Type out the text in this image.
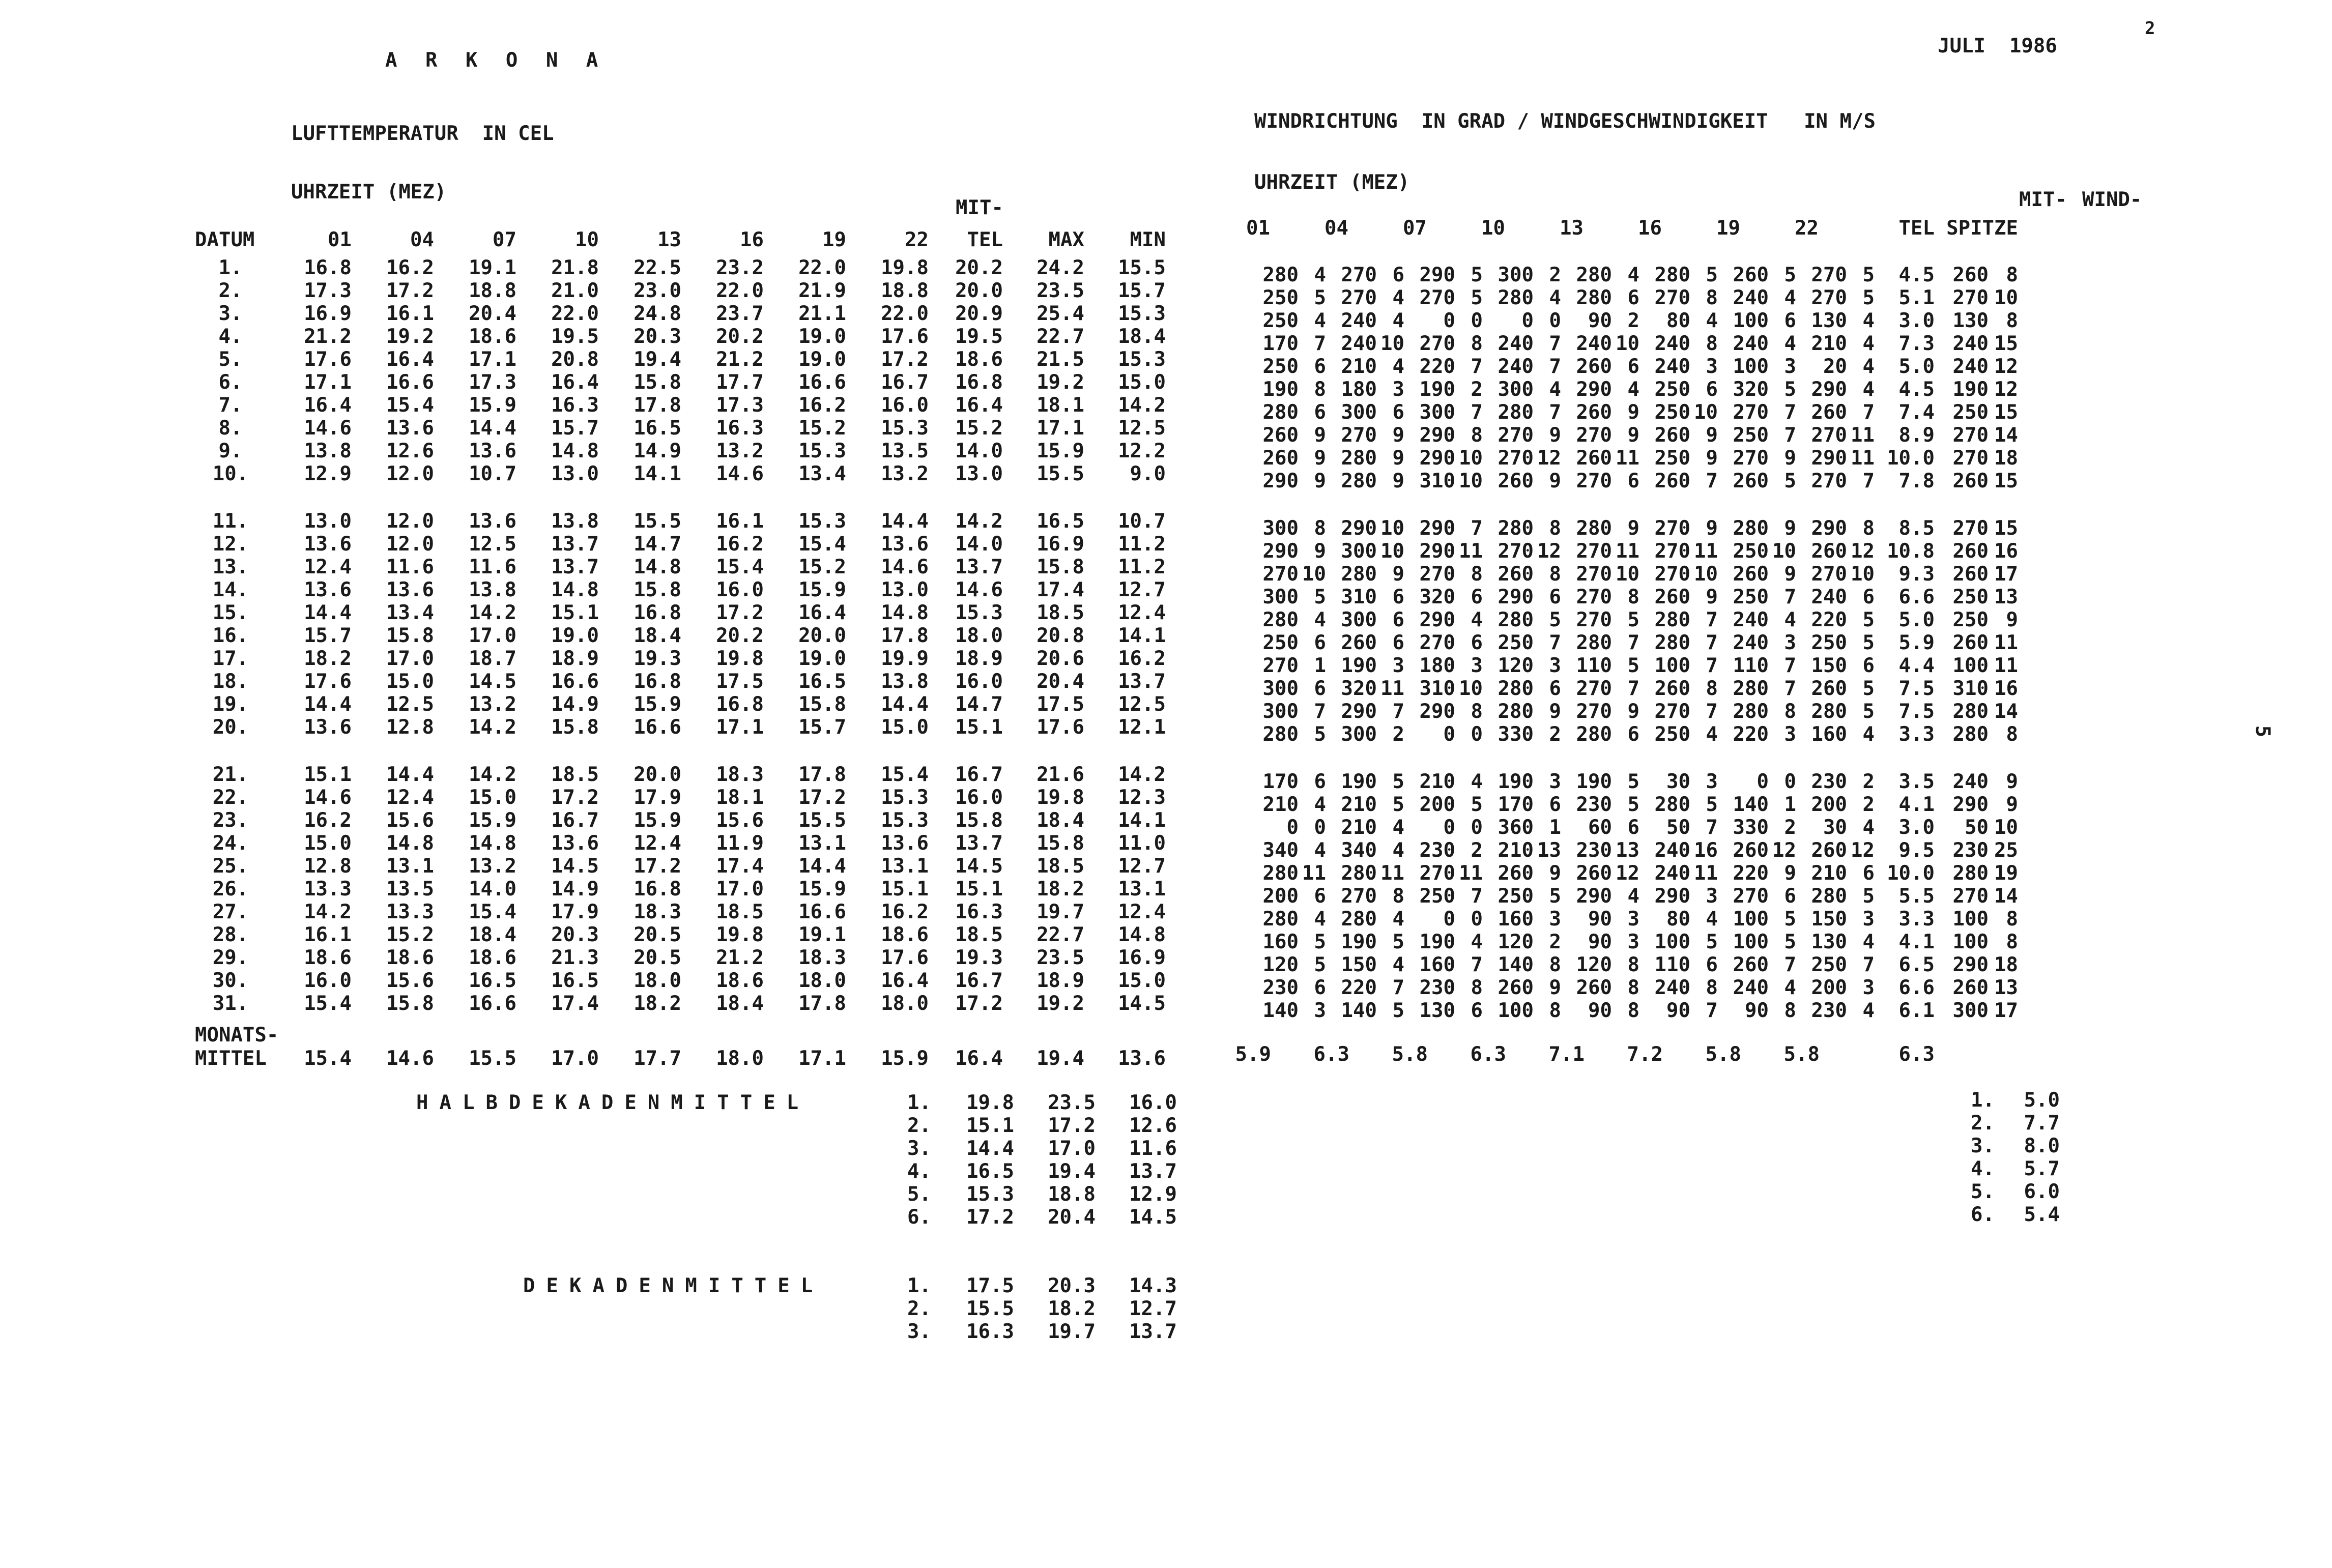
A R K O N A
JULI  1986
2
5
LUFTTEMPERATUR  IN CEL
UHRZEIT (MEZ)
MIT-
DATUM	01	04	07	10	13	16	19	22	TEL	MAX	MIN
1.	16.8	16.2	19.1	21.8	22.5	23.2	22.0	19.8	20.2	24.2	15.5
2.	17.3	17.2	18.8	21.0	23.0	22.0	21.9	18.8	20.0	23.5	15.7
3.	16.9	16.1	20.4	22.0	24.8	23.7	21.1	22.0	20.9	25.4	15.3
4.	21.2	19.2	18.6	19.5	20.3	20.2	19.0	17.6	19.5	22.7	18.4
5.	17.6	16.4	17.1	20.8	19.4	21.2	19.0	17.2	18.6	21.5	15.3
6.	17.1	16.6	17.3	16.4	15.8	17.7	16.6	16.7	16.8	19.2	15.0
7.	16.4	15.4	15.9	16.3	17.8	17.3	16.2	16.0	16.4	18.1	14.2
8.	14.6	13.6	14.4	15.7	16.5	16.3	15.2	15.3	15.2	17.1	12.5
9.	13.8	12.6	13.6	14.8	14.9	13.2	15.3	13.5	14.0	15.9	12.2
10.	12.9	12.0	10.7	13.0	14.1	14.6	13.4	13.2	13.0	15.5	9.0

11.	13.0	12.0	13.6	13.8	15.5	16.1	15.3	14.4	14.2	16.5	10.7
12.	13.6	12.0	12.5	13.7	14.7	16.2	15.4	13.6	14.0	16.9	11.2
13.	12.4	11.6	11.6	13.7	14.8	15.4	15.2	14.6	13.7	15.8	11.2
14.	13.6	13.6	13.8	14.8	15.8	16.0	15.9	13.0	14.6	17.4	12.7
15.	14.4	13.4	14.2	15.1	16.8	17.2	16.4	14.8	15.3	18.5	12.4
16.	15.7	15.8	17.0	19.0	18.4	20.2	20.0	17.8	18.0	20.8	14.1
17.	18.2	17.0	18.7	18.9	19.3	19.8	19.0	19.9	18.9	20.6	16.2
18.	17.6	15.0	14.5	16.6	16.8	17.5	16.5	13.8	16.0	20.4	13.7
19.	14.4	12.5	13.2	14.9	15.9	16.8	15.8	14.4	14.7	17.5	12.5
20.	13.6	12.8	14.2	15.8	16.6	17.1	15.7	15.0	15.1	17.6	12.1

21.	15.1	14.4	14.2	18.5	20.0	18.3	17.8	15.4	16.7	21.6	14.2
22.	14.6	12.4	15.0	17.2	17.9	18.1	17.2	15.3	16.0	19.8	12.3
23.	16.2	15.6	15.9	16.7	15.9	15.6	15.5	15.3	15.8	18.4	14.1
24.	15.0	14.8	14.8	13.6	12.4	11.9	13.1	13.6	13.7	15.8	11.0
25.	12.8	13.1	13.2	14.5	17.2	17.4	14.4	13.1	14.5	18.5	12.7
26.	13.3	13.5	14.0	14.9	16.8	17.0	15.9	15.1	15.1	18.2	13.1
27.	14.2	13.3	15.4	17.9	18.3	18.5	16.6	16.2	16.3	19.7	12.4
28.	16.1	15.2	18.4	20.3	20.5	19.8	19.1	18.6	18.5	22.7	14.8
29.	18.6	18.6	18.6	21.3	20.5	21.2	18.3	17.6	19.3	23.5	16.9
30.	16.0	15.6	16.5	16.5	18.0	18.6	18.0	16.4	16.7	18.9	15.0
31.	15.4	15.8	16.6	17.4	18.2	18.4	17.8	18.0	17.2	19.2	14.5
WINDRICHTUNG  IN GRAD / WINDGESCHWINDIGKEIT   IN M/S
UHRZEIT (MEZ)
MIT- WIND-
01	04	07	10	13	16	19	22	TEL SPITZE
280	4	270	6	290	5	300	2	280	4	280	5	260	5	270	5	4.5	260	8
250	5	270	4	270	5	280	4	280	6	270	8	240	4	270	5	5.1	270	10
250	4	240	4	0	0	0	0	90	2	80	4	100	6	130	4	3.0	130	8
170	7	240	10	270	8	240	7	240	10	240	8	240	4	210	4	7.3	240	15
250	6	210	4	220	7	240	7	260	6	240	3	100	3	20	4	5.0	240	12
190	8	180	3	190	2	300	4	290	4	250	6	320	5	290	4	4.5	190	12
280	6	300	6	300	7	280	7	260	9	250	10	270	7	260	7	7.4	250	15
260	9	270	9	290	8	270	9	270	9	260	9	250	7	270	11	8.9	270	14
260	9	280	9	290	10	270	12	260	11	250	9	270	9	290	11	10.0	270	18
290	9	280	9	310	10	260	9	270	6	260	7	260	5	270	7	7.8	260	15

300	8	290	10	290	7	280	8	280	9	270	9	280	9	290	8	8.5	270	15
290	9	300	10	290	11	270	12	270	11	270	11	250	10	260	12	10.8	260	16
270	10	280	9	270	8	260	8	270	10	270	10	260	9	270	10	9.3	260	17
300	5	310	6	320	6	290	6	270	8	260	9	250	7	240	6	6.6	250	13
280	4	300	6	290	4	280	5	270	5	280	7	240	4	220	5	5.0	250	9
250	6	260	6	270	6	250	7	280	7	280	7	240	3	250	5	5.9	260	11
270	1	190	3	180	3	120	3	110	5	100	7	110	7	150	6	4.4	100	11
300	6	320	11	310	10	280	6	270	7	260	8	280	7	260	5	7.5	310	16
300	7	290	7	290	8	280	9	270	9	270	7	280	8	280	5	7.5	280	14
280	5	300	2	0	0	330	2	280	6	250	4	220	3	160	4	3.3	280	8

170	6	190	5	210	4	190	3	190	5	30	3	0	0	230	2	3.5	240	9
210	4	210	5	200	5	170	6	230	5	280	5	140	1	200	2	4.1	290	9
0	0	210	4	0	0	360	1	60	6	50	7	330	2	30	4	3.0	50	10
340	4	340	4	230	2	210	13	230	13	240	16	260	12	260	12	9.5	230	25
280	11	280	11	270	11	260	9	260	12	240	11	220	9	210	6	10.0	280	19
200	6	270	8	250	7	250	5	290	4	290	3	270	6	280	5	5.5	270	14
280	4	280	4	0	0	160	3	90	3	80	4	100	5	150	3	3.3	100	8
160	5	190	5	190	4	120	2	90	3	100	5	100	5	130	4	4.1	100	8
120	5	150	4	160	7	140	8	120	8	110	6	260	7	250	7	6.5	290	18
230	6	220	7	230	8	260	9	260	8	240	8	240	4	200	3	6.6	260	13
140	3	140	5	130	6	100	8	90	8	90	7	90	8	230	4	6.1	300	17
MONATS-
MITTEL 15.4 14.6 15.5 17.0 17.7 18.0 17.1 15.9 16.4 19.4 13.6	5.9 6.3 5.8 6.3 7.1 7.2 5.8 5.8	6.3
HALBDEKADENMITTEL	1. 19.8 23.5 16.0
2. 15.1 17.2 12.6
3. 14.4 17.0 11.6
4. 16.5 19.4 13.7
5. 15.3 18.8 12.9
6. 17.2 20.4 14.5
DEKADENMITTEL	1. 17.5 20.3 14.3
2. 15.5 18.2 12.7
3. 16.3 19.7 13.7
1. 5.0
2. 7.7
3. 8.0
4. 5.7
5. 6.0
6. 5.4
